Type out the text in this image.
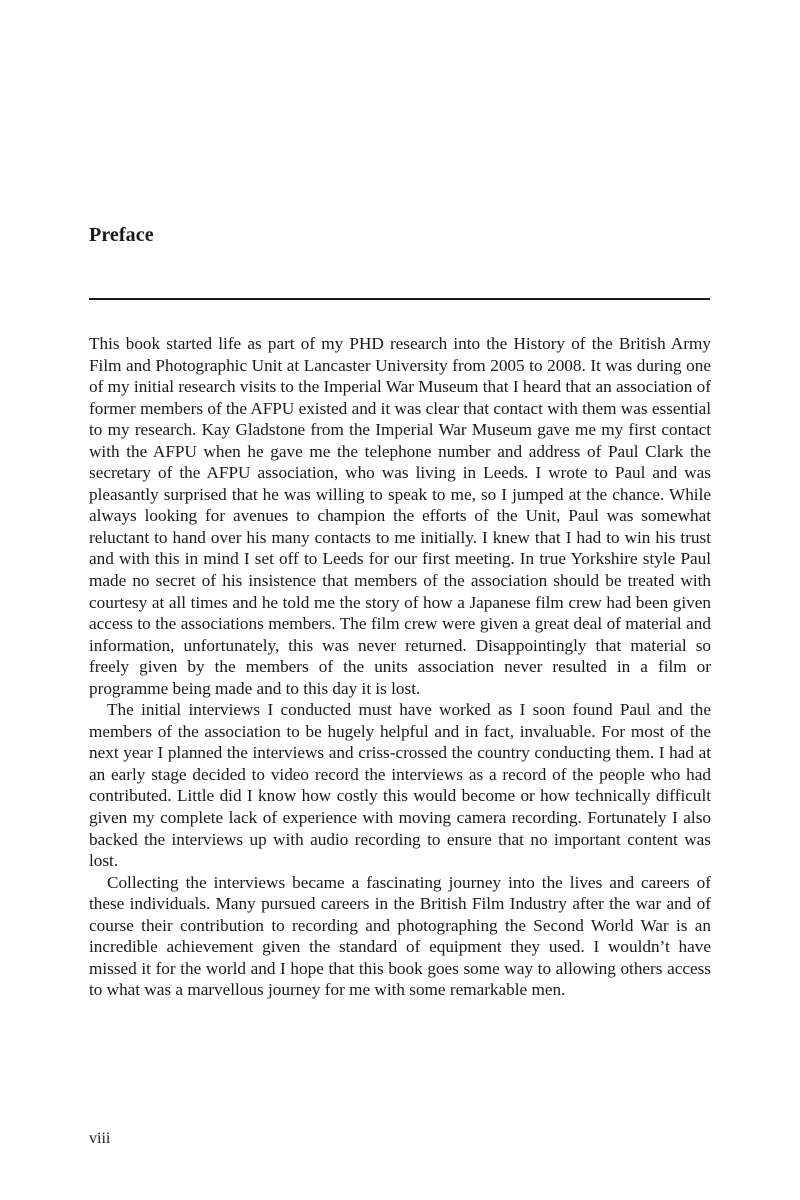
Preface

This book started life as part of my PHD research into the History of the British Army Film and Photographic Unit at Lancaster University from 2005 to 2008. It was during one of my initial research visits to the Imperial War Museum that I heard that an association of former members of the AFPU existed and it was clear that contact with them was essential to my research. Kay Gladstone from the Imperial War Museum gave me my first contact with the AFPU when he gave me the telephone number and address of Paul Clark the secretary of the AFPU association, who was living in Leeds. I wrote to Paul and was pleasantly surprised that he was willing to speak to me, so I jumped at the chance. While always looking for avenues to champion the efforts of the Unit, Paul was somewhat reluctant to hand over his many contacts to me initially. I knew that I had to win his trust and with this in mind I set off to Leeds for our first meeting. In true Yorkshire style Paul made no secret of his insistence that members of the association should be treated with courtesy at all times and he told me the story of how a Japanese film crew had been given access to the associations members. The film crew were given a great deal of material and information, unfortunately, this was never returned. Disappointingly that material so freely given by the members of the units association never resulted in a film or programme being made and to this day it is lost.

The initial interviews I conducted must have worked as I soon found Paul and the members of the association to be hugely helpful and in fact, invaluable. For most of the next year I planned the interviews and criss-crossed the country conducting them. I had at an early stage decided to video record the interviews as a record of the people who had contributed. Little did I know how costly this would become or how technically difficult given my complete lack of experience with moving camera recording. Fortunately I also backed the interviews up with audio recording to ensure that no important content was lost.

Collecting the interviews became a fascinating journey into the lives and careers of these individuals. Many pursued careers in the British Film Industry after the war and of course their contribution to recording and photographing the Second World War is an incredible achievement given the standard of equipment they used. I wouldn’t have missed it for the world and I hope that this book goes some way to allowing others access to what was a marvellous journey for me with some remarkable men.

viii
